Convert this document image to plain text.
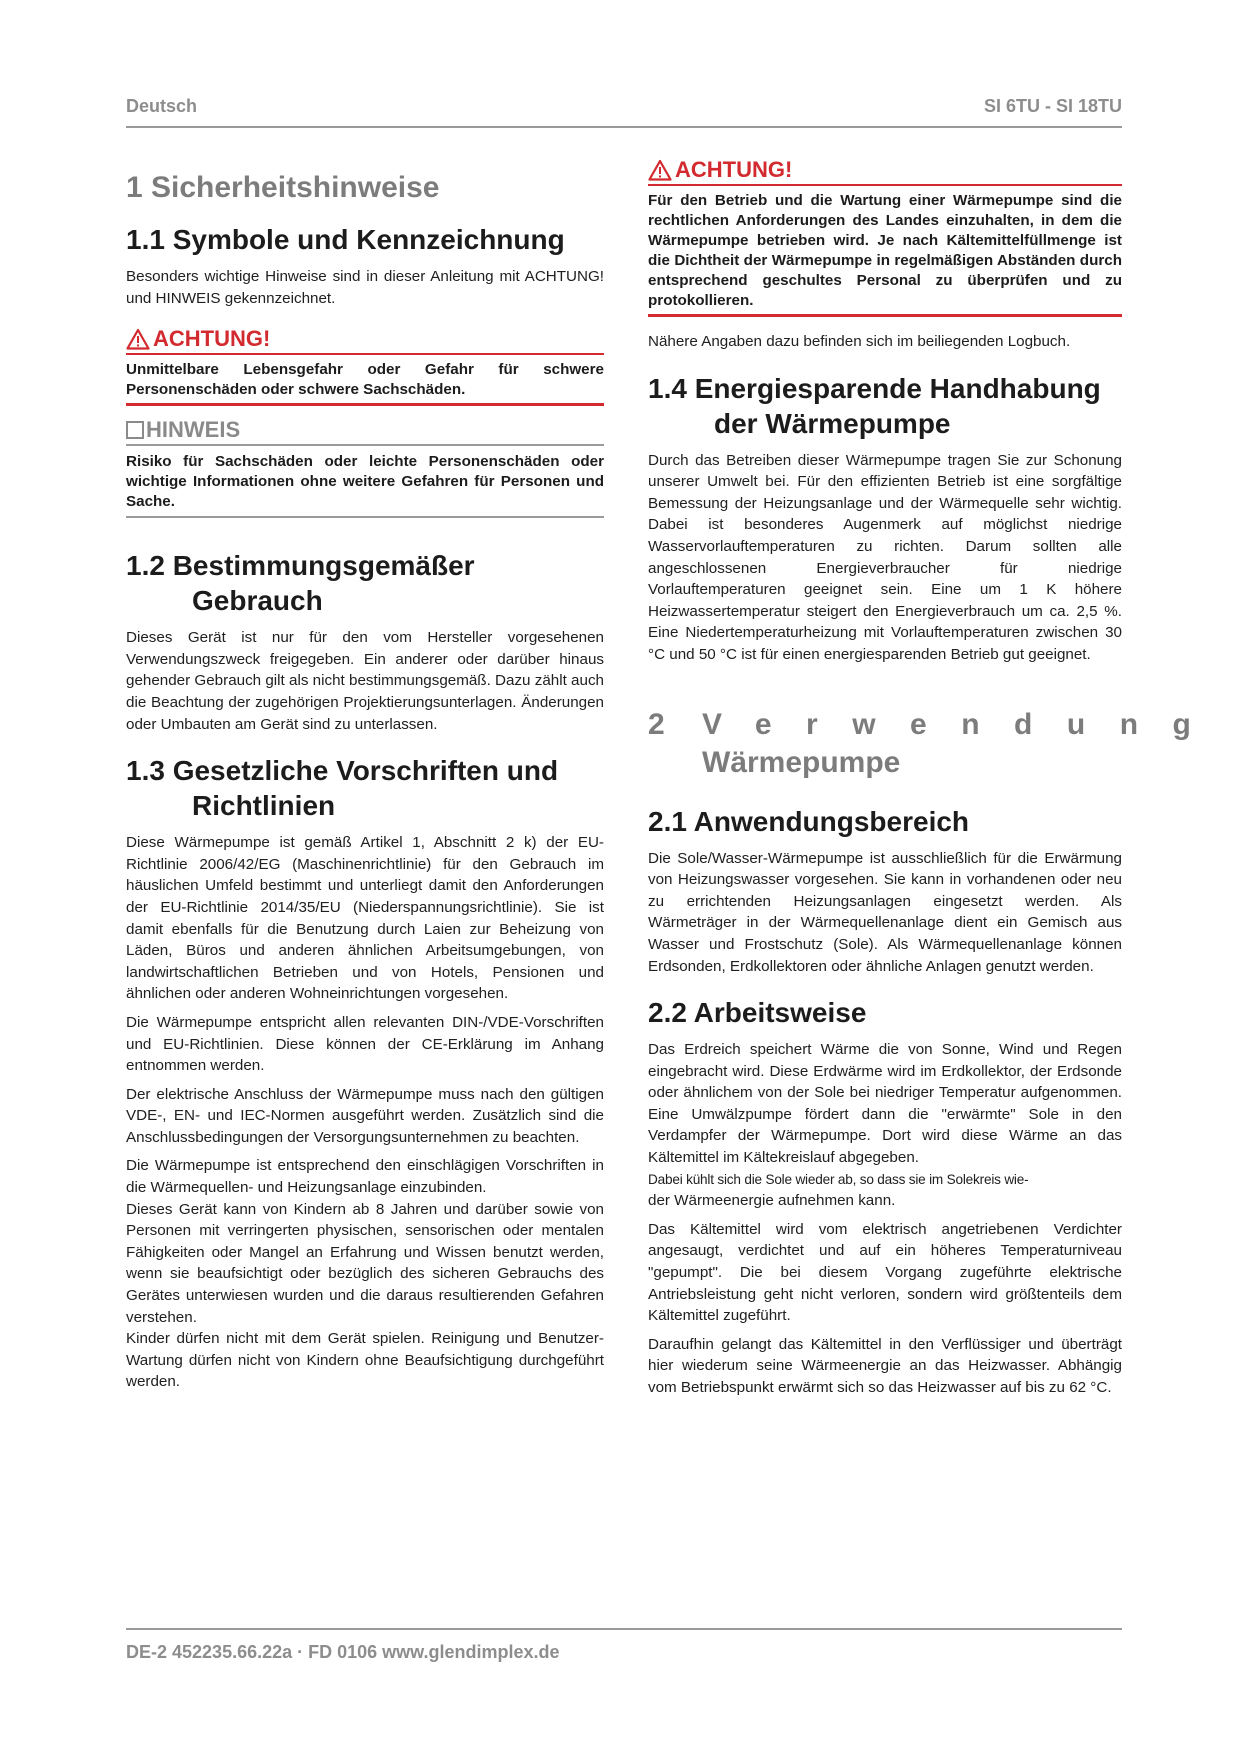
Deutsch	SI 6TU - SI 18TU
1 Sicherheitshinweise
1.1 Symbole und Kennzeichnung

Besonders wichtige Hinweise sind in dieser Anleitung mit ACHTUNG! und HINWEIS gekennzeichnet.

ACHTUNG!

Unmittelbare Lebensgefahr oder Gefahr für schwere Personenschäden oder schwere Sachschäden.

HINWEIS

Risiko für Sachschäden oder leichte Personenschäden oder wichtige Informationen ohne weitere Gefahren für Personen und Sache.

1.2 Bestimmungsgemäßer
Gebrauch

Dieses Gerät ist nur für den vom Hersteller vorgesehenen Verwendungszweck freigegeben. Ein anderer oder darüber hinaus gehender Gebrauch gilt als nicht bestimmungsgemäß. Dazu zählt auch die Beachtung der zugehörigen Projektierungsunterlagen. Änderungen oder Umbauten am Gerät sind zu unterlassen.

1.3 Gesetzliche Vorschriften und
Richtlinien

Diese Wärmepumpe ist gemäß Artikel 1, Abschnitt 2 k) der EU-Richtlinie 2006/42/EG (Maschinenrichtlinie) für den Gebrauch im häuslichen Umfeld bestimmt und unterliegt damit den Anforderungen der EU-Richtlinie 2014/35/EU (Niederspannungsrichtlinie). Sie ist damit ebenfalls für die Benutzung durch Laien zur Beheizung von Läden, Büros und anderen ähnlichen Arbeitsumgebungen, von landwirtschaftlichen Betrieben und von Hotels, Pensionen und ähnlichen oder anderen Wohneinrichtungen vorgesehen.

Die Wärmepumpe entspricht allen relevanten DIN-/VDE-Vorschriften und EU-Richtlinien. Diese können der CE-Erklärung im Anhang entnommen werden.

Der elektrische Anschluss der Wärmepumpe muss nach den gültigen VDE-, EN- und IEC-Normen ausgeführt werden. Zusätzlich sind die Anschlussbedingungen der Versorgungsunternehmen zu beachten.

Die Wärmepumpe ist entsprechend den einschlägigen Vorschriften in die Wärmequellen- und Heizungsanlage einzubinden.

Dieses Gerät kann von Kindern ab 8 Jahren und darüber sowie von Personen mit verringerten physischen, sensorischen oder mentalen Fähigkeiten oder Mangel an Erfahrung und Wissen benutzt werden, wenn sie beaufsichtigt oder bezüglich des sicheren Gebrauchs des Gerätes unterwiesen wurden und die daraus resultierenden Gefahren verstehen.

Kinder dürfen nicht mit dem Gerät spielen. Reinigung und Benutzer- Wartung dürfen nicht von Kindern ohne Beaufsichtigung durchgeführt werden.

ACHTUNG!

Für den Betrieb und die Wartung einer Wärmepumpe sind die rechtlichen Anforderungen des Landes einzuhalten, in dem die Wärmepumpe betrieben wird. Je nach Kältemittelfüllmenge ist die Dichtheit der Wärmepumpe in regelmäßigen Abständen durch entsprechend geschultes Personal zu überprüfen und zu protokollieren.

Nähere Angaben dazu befinden sich im beiliegenden Logbuch.

1.4 Energiesparende Handhabung
der Wärmepumpe

Durch das Betreiben dieser Wärmepumpe tragen Sie zur Schonung unserer Umwelt bei. Für den effizienten Betrieb ist eine sorgfältige Bemessung der Heizungsanlage und der Wärmequelle sehr wichtig. Dabei ist besonderes Augenmerk auf möglichst niedrige Wasservorlauftemperaturen zu richten. Darum sollten alle angeschlossenen Energieverbraucher für niedrige Vorlauftemperaturen geeignet sein. Eine um 1 K höhere Heizwassertemperatur steigert den Energieverbrauch um ca. 2,5 %. Eine Niedertemperaturheizung mit Vorlauftemperaturen zwischen 30 °C und 50 °C ist für einen energiesparenden Betrieb gut geeignet.

2 Verwendung
Wärmepumpe
2.1 Anwendungsbereich

Die Sole/Wasser-Wärmepumpe ist ausschließlich für die Erwärmung von Heizungswasser vorgesehen. Sie kann in vorhandenen oder neu zu errichtenden Heizungsanlagen eingesetzt werden. Als Wärmeträger in der Wärmequellenanlage dient ein Gemisch aus Wasser und Frostschutz (Sole). Als Wärmequellenanlage können Erdsonden, Erdkollektoren oder ähnliche Anlagen genutzt werden.

2.2 Arbeitsweise

Das Erdreich speichert Wärme die von Sonne, Wind und Regen eingebracht wird. Diese Erdwärme wird im Erdkollektor, der Erdsonde oder ähnlichem von der Sole bei niedriger Temperatur aufgenommen. Eine Umwälzpumpe fördert dann die "erwärmte" Sole in den Verdampfer der Wärmepumpe. Dort wird diese Wärme an das Kältemittel im Kältekreislauf abgegeben.

Dabei kühlt sich die Sole wieder ab, so dass sie im Solekreis wie-

der Wärmeenergie aufnehmen kann.

Das Kältemittel wird vom elektrisch angetriebenen Verdichter angesaugt, verdichtet und auf ein höheres Temperaturniveau "gepumpt". Die bei diesem Vorgang zugeführte elektrische Antriebsleistung geht nicht verloren, sondern wird größtenteils dem Kältemittel zugeführt.

Daraufhin gelangt das Kältemittel in den Verflüssiger und überträgt hier wiederum seine Wärmeenergie an das Heizwasser. Abhängig vom Betriebspunkt erwärmt sich so das Heizwasser auf bis zu 62 °C.

DE-2 452235.66.22a · FD 0106 www.glendimplex.de
